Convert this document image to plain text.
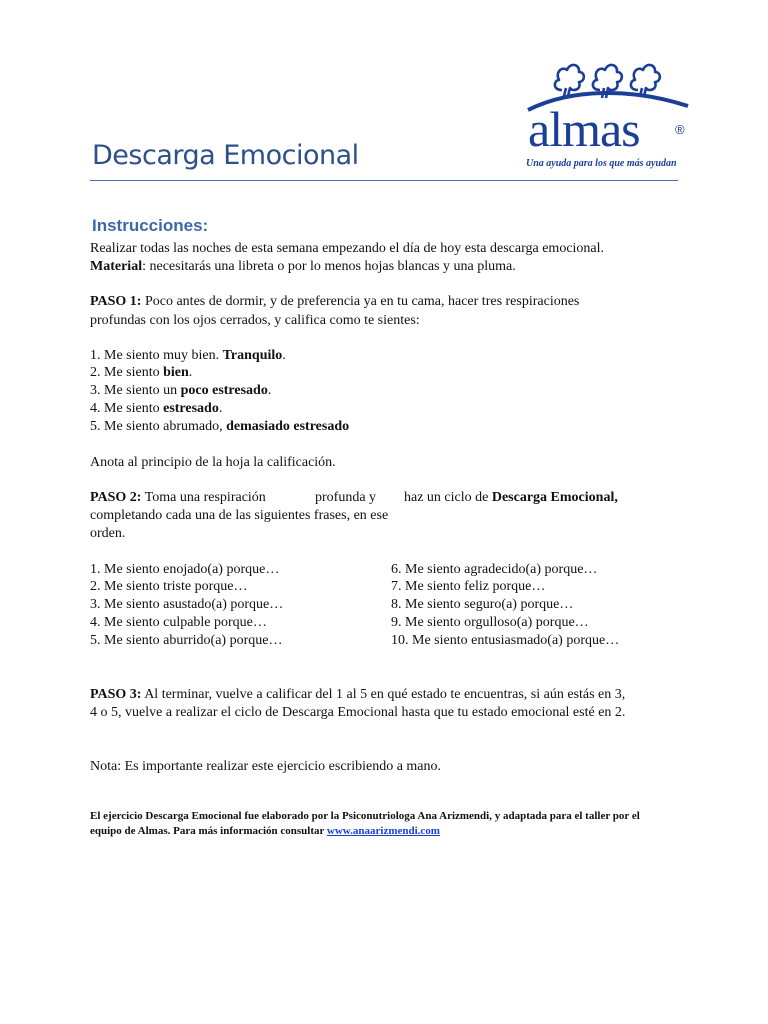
almas	®
Una ayuda para los que más ayudan
Descarga Emocional
Instrucciones:
Realizar todas las noches de esta semana empezando el día de hoy esta descarga emocional.
Material: necesitarás una libreta o por lo menos hojas blancas y una pluma.
PASO 1: Poco antes de dormir, y de preferencia ya en tu cama, hacer tres respiraciones
profundas con los ojos cerrados, y califica como te sientes:
1. Me siento muy bien. Tranquilo.
2. Me siento bien.
3. Me siento un poco estresado.
4. Me siento estresado.
5. Me siento abrumado, demasiado estresado
Anota al principio de la hoja la calificación.
PASO 2: Toma una respiración	profunda y haz un ciclo de Descarga Emocional,
completando cada una de las siguientes frases, en ese
orden.
1. Me siento enojado(a) porque…
2. Me siento triste porque…
3. Me siento asustado(a) porque…
4. Me siento culpable porque…
5. Me siento aburrido(a) porque…
6. Me siento agradecido(a) porque…
7. Me siento feliz porque…
8. Me siento seguro(a) porque…
9. Me siento orgulloso(a) porque…
10. Me siento entusiasmado(a) porque…
PASO 3: Al terminar, vuelve a calificar del 1 al 5 en qué estado te encuentras, si aún estás en 3,
4 o 5, vuelve a realizar el ciclo de Descarga Emocional hasta que tu estado emocional esté en 2.
Nota: Es importante realizar este ejercicio escribiendo a mano.
El ejercicio Descarga Emocional fue elaborado por la Psiconutriologa Ana Arizmendi, y adaptada para el taller por el
equipo de Almas. Para más información consultar www.anaarizmendi.com
